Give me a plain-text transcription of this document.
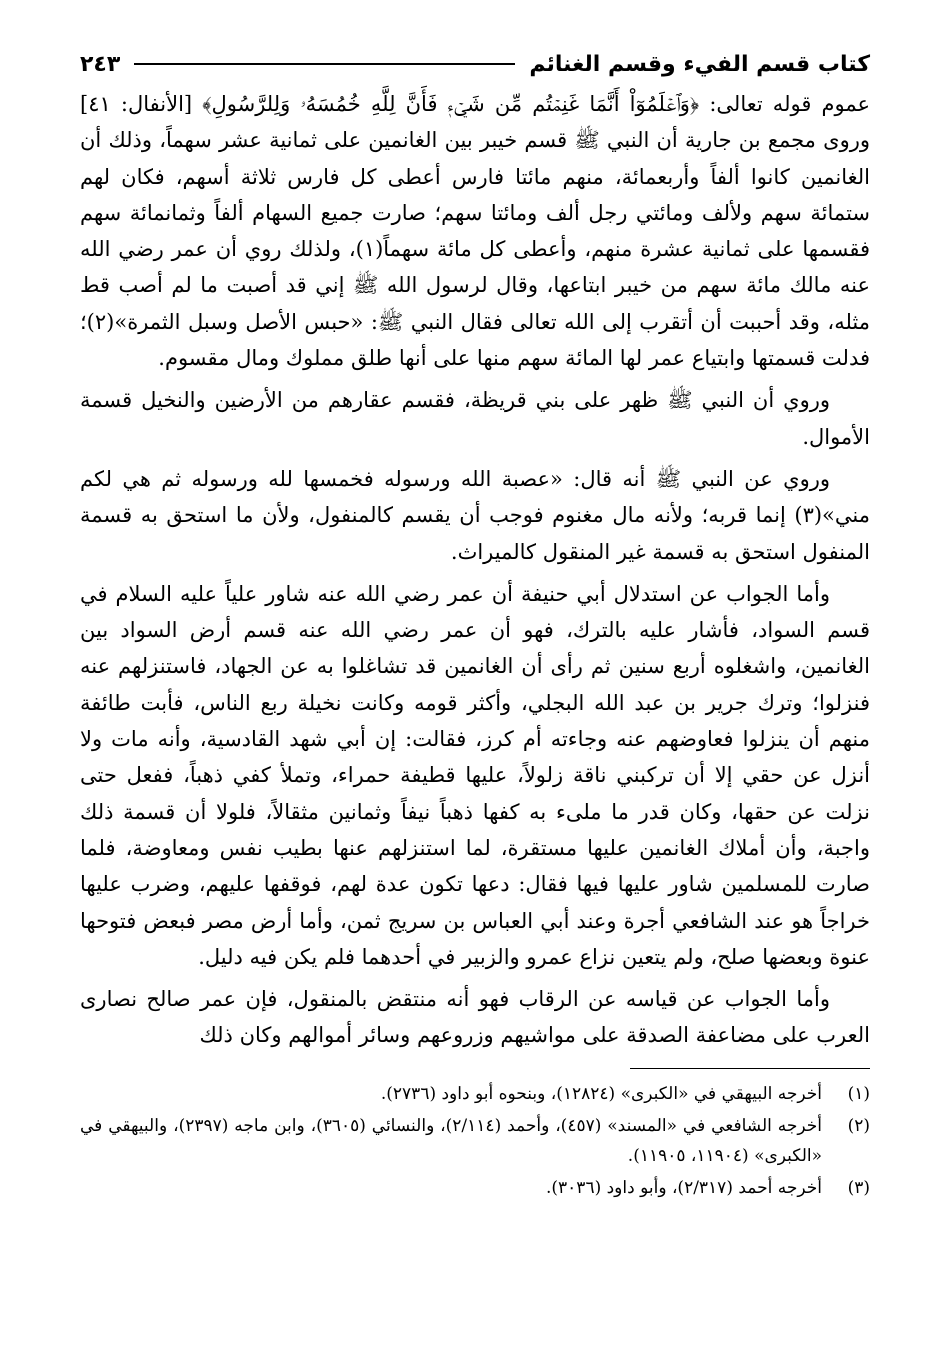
كتاب قسم الفيء وقسم الغنائم
٢٤٣

عموم قوله تعالى: ﴿وَٱعۡلَمُوٓاْ أَنَّمَا غَنِمۡتُم مِّن شَيۡءٖ فَأَنَّ لِلَّهِ خُمُسَهُۥ وَلِلرَّسُولِ﴾ [الأنفال: ٤١] وروى مجمع بن جارية أن النبي ﷺ قسم خيبر بين الغانمين على ثمانية عشر سهماً، وذلك أن الغانمين كانوا ألفاً وأربعمائة، منهم مائتا فارس أعطى كل فارس ثلاثة أسهم، فكان لهم ستمائة سهم ولألف ومائتي رجل ألف ومائتا سهم؛ صارت جميع السهام ألفاً وثمانمائة سهم فقسمها على ثمانية عشرة منهم، وأعطى كل مائة سهماً(١)، ولذلك روي أن عمر رضي الله عنه مالك مائة سهم من خيبر ابتاعها، وقال لرسول الله ﷺ إني قد أصبت ما لم أصب قط مثله، وقد أحببت أن أتقرب إلى الله تعالى فقال النبي ﷺ: «حبس الأصل وسبل الثمرة»(٢)؛ فدلت قسمتها وابتياع عمر لها المائة سهم منها على أنها طلق مملوك ومال مقسوم.

وروي أن النبي ﷺ ظهر على بني قريظة، فقسم عقارهم من الأرضين والنخيل قسمة الأموال.

وروي عن النبي ﷺ أنه قال: «عصبة الله ورسوله فخمسها لله ورسوله ثم هي لكم مني»(٣) إنما قربه؛ ولأنه مال مغنوم فوجب أن يقسم كالمنفول، ولأن ما استحق به قسمة المنفول استحق به قسمة غير المنقول كالميراث.

وأما الجواب عن استدلال أبي حنيفة أن عمر رضي الله عنه شاور علياً عليه السلام في قسم السواد، فأشار عليه بالترك، فهو أن عمر رضي الله عنه قسم أرض السواد بين الغانمين، واشغلوه أربع سنين ثم رأى أن الغانمين قد تشاغلوا به عن الجهاد، فاستنزلهم عنه فنزلوا؛ وترك جرير بن عبد الله البجلي، وأكثر قومه وكانت نخيلة ربع الناس، فأبت طائفة منهم أن ينزلوا فعاوضهم عنه وجاءته أم كرز، فقالت: إن أبي شهد القادسية، وأنه مات ولا أنزل عن حقي إلا أن تركبني ناقة زلولاً، عليها قطيفة حمراء، وتملأ كفي ذهباً، ففعل حتى نزلت عن حقها، وكان قدر ما ملىء به كفها ذهباً نيفاً وثمانين مثقالاً، فلولا أن قسمة ذلك واجبة، وأن أملاك الغانمين عليها مستقرة، لما استنزلهم عنها بطيب نفس ومعاوضة، فلما صارت للمسلمين شاور عليها فيها فقال: دعها تكون عدة لهم، فوقفها عليهم، وضرب عليها خراجاً هو عند الشافعي أجرة وعند أبي العباس بن سريج ثمن، وأما أرض مصر فبعض فتوحها عنوة وبعضها صلح، ولم يتعين نزاع عمرو والزبير في أحدهما فلم يكن فيه دليل.

وأما الجواب عن قياسه عن الرقاب فهو أنه منتقض بالمنقول، فإن عمر صالح نصارى العرب على مضاعفة الصدقة على مواشيهم وزروعهم وسائر أموالهم وكان ذلك

(١)
أخرجه البيهقي في «الكبرى» (١٢٨٢٤)، وبنحوه أبو داود (٢٧٣٦).
(٢)
أخرجه الشافعي في «المسند» (٤٥٧)، وأحمد (٢/١١٤)، والنسائي (٣٦٠٥)، وابن ماجه (٢٣٩٧)، والبيهقي في «الكبرى» (١١٩٠٤، ١١٩٠٥).
(٣)
أخرجه أحمد (٢/٣١٧)، وأبو داود (٣٠٣٦).
